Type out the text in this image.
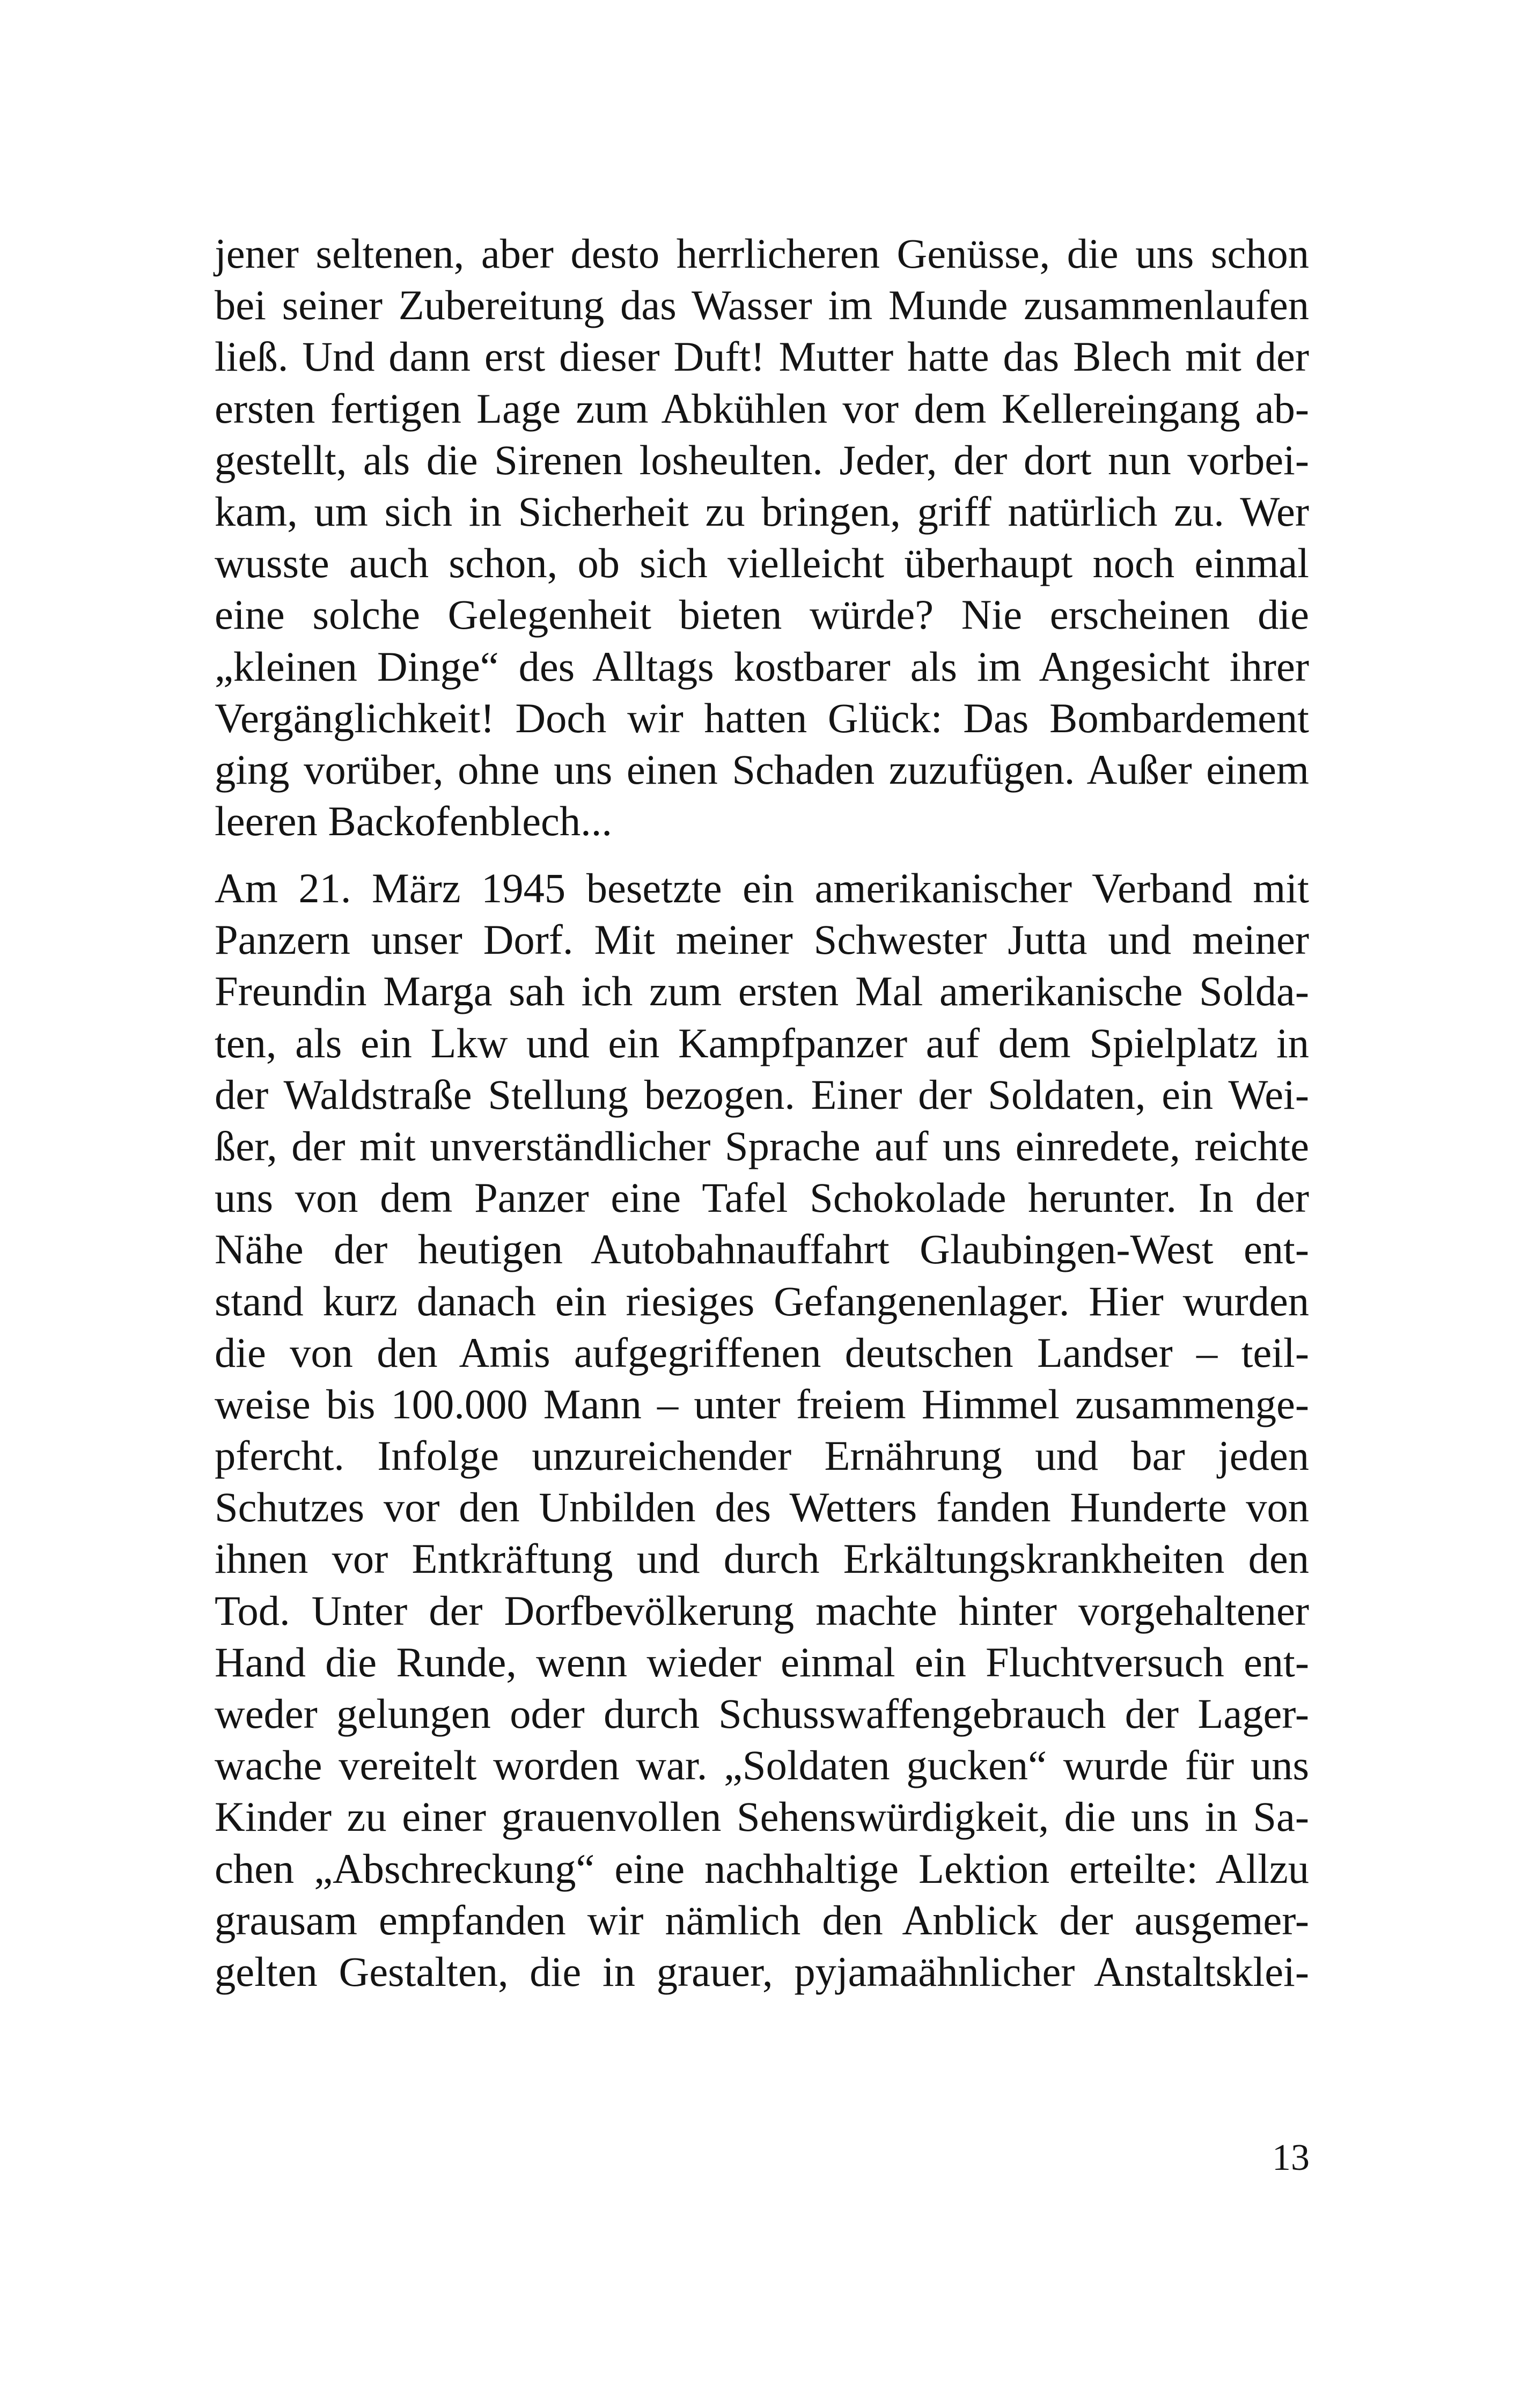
jener seltenen, aber desto herrlicheren Genüsse, die uns schon
bei seiner Zubereitung das Wasser im Munde zusammenlaufen
ließ. Und dann erst dieser Duft! Mutter hatte das Blech mit der
ersten fertigen Lage zum Abkühlen vor dem Kellereingang ab-
gestellt, als die Sirenen losheulten. Jeder, der dort nun vorbei-
kam, um sich in Sicherheit zu bringen, griff natürlich zu. Wer
wusste auch schon, ob sich vielleicht überhaupt noch einmal
eine solche Gelegenheit bieten würde? Nie erscheinen die
„kleinen Dinge“ des Alltags kostbarer als im Angesicht ihrer
Vergänglichkeit! Doch wir hatten Glück: Das Bombardement
ging vorüber, ohne uns einen Schaden zuzufügen. Außer einem
leeren Backofenblech...
Am 21. März 1945 besetzte ein amerikanischer Verband mit
Panzern unser Dorf. Mit meiner Schwester Jutta und meiner
Freundin Marga sah ich zum ersten Mal amerikanische Solda-
ten, als ein Lkw und ein Kampfpanzer auf dem Spielplatz in
der Waldstraße Stellung bezogen. Einer der Soldaten, ein Wei-
ßer, der mit unverständlicher Sprache auf uns einredete, reichte
uns von dem Panzer eine Tafel Schokolade herunter. In der
Nähe der heutigen Autobahnauffahrt Glaubingen-West ent-
stand kurz danach ein riesiges Gefangenenlager. Hier wurden
die von den Amis aufgegriffenen deutschen Landser – teil-
weise bis 100.000 Mann – unter freiem Himmel zusammenge-
pfercht. Infolge unzureichender Ernährung und bar jeden
Schutzes vor den Unbilden des Wetters fanden Hunderte von
ihnen vor Entkräftung und durch Erkältungskrankheiten den
Tod. Unter der Dorfbevölkerung machte hinter vorgehaltener
Hand die Runde, wenn wieder einmal ein Fluchtversuch ent-
weder gelungen oder durch Schusswaffengebrauch der Lager-
wache vereitelt worden war. „Soldaten gucken“ wurde für uns
Kinder zu einer grauenvollen Sehenswürdigkeit, die uns in Sa-
chen „Abschreckung“ eine nachhaltige Lektion erteilte: Allzu
grausam empfanden wir nämlich den Anblick der ausgemer-
gelten Gestalten, die in grauer, pyjamaähnlicher Anstaltsklei-
13
